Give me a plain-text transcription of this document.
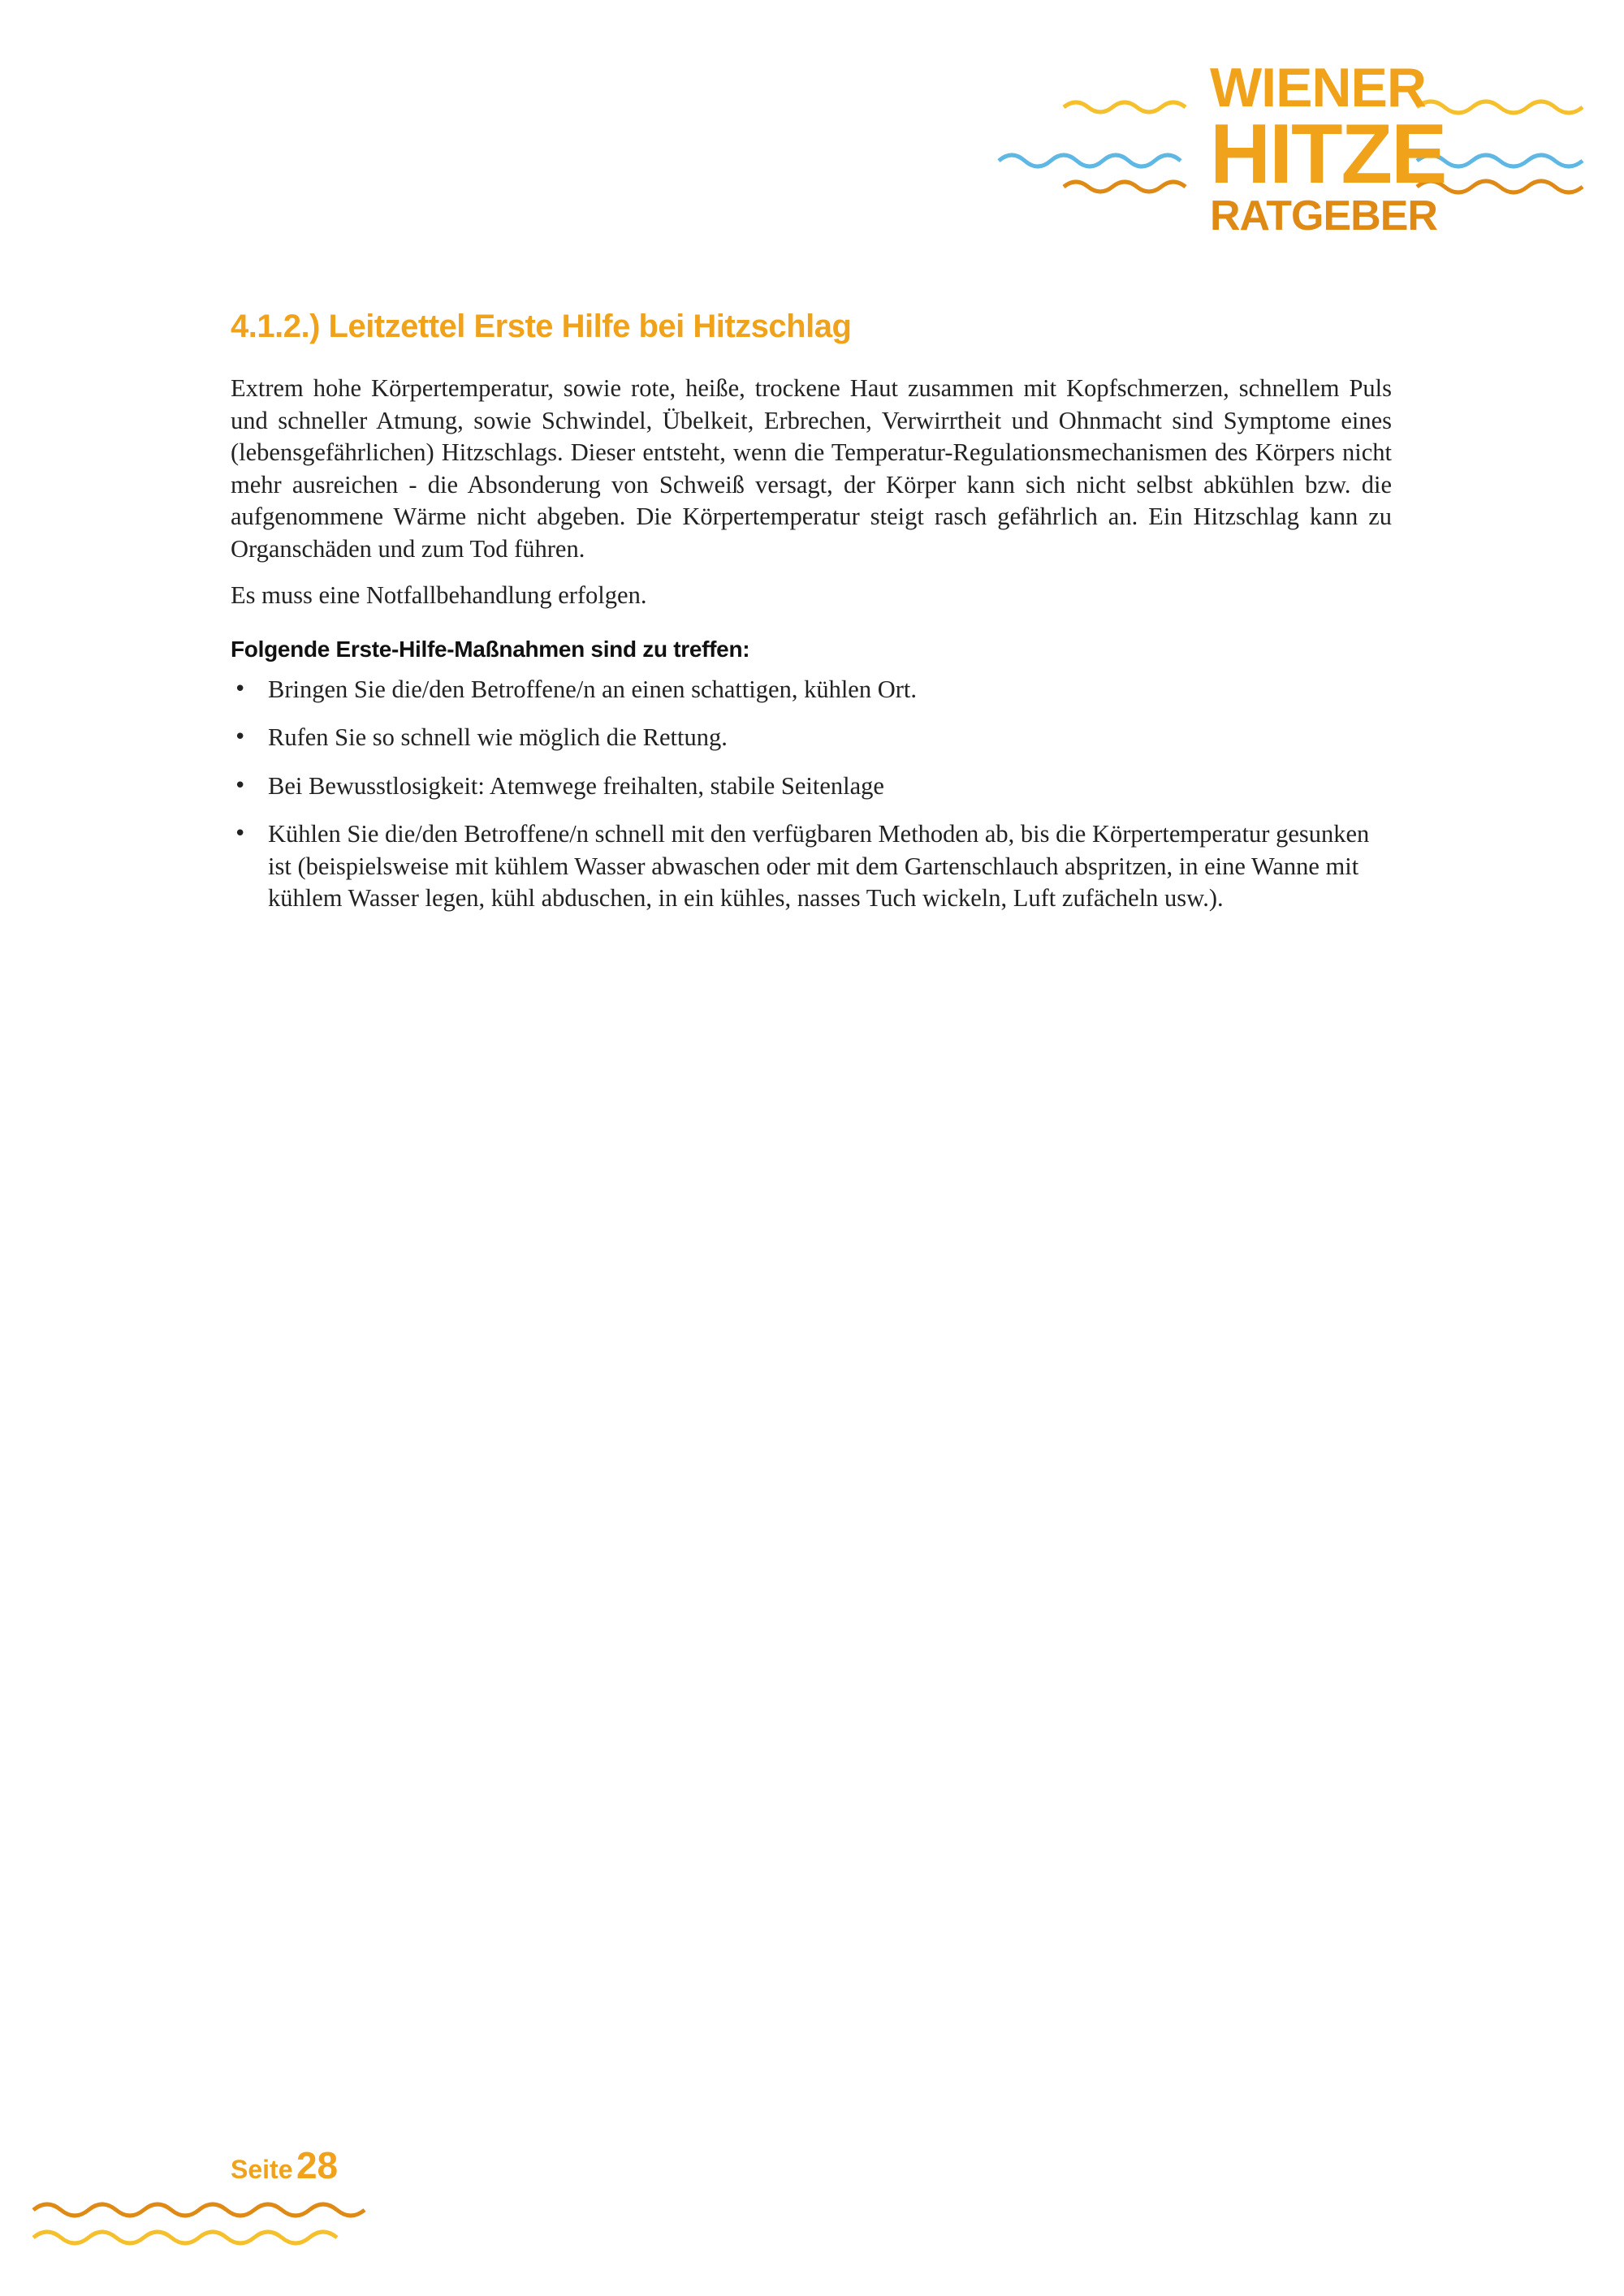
WIENER
HITZE
RATGEBER
4.1.2.) Leitzettel Erste Hilfe bei Hitzschlag

Extrem hohe Körpertemperatur, sowie rote, heiße, trockene Haut zusammen mit Kopfschmerzen, schnellem Puls und schneller Atmung, sowie Schwindel, Übelkeit, Erbrechen, Verwirrtheit und Ohnmacht sind Symptome eines (lebensgefährlichen) Hitzschlags. Dieser entsteht, wenn die Temperatur-Regulationsmechanismen des Körpers nicht mehr ausreichen - die Absonderung von Schweiß versagt, der Körper kann sich nicht selbst abkühlen bzw. die aufgenommene Wärme nicht abgeben. Die Körpertemperatur steigt rasch gefährlich an. Ein Hitzschlag kann zu Organschäden und zum Tod führen.

Es muss eine Notfallbehandlung erfolgen.

Folgende Erste-Hilfe-Maßnahmen sind zu treffen:
• Bringen Sie die/den Betroffene/n an einen schattigen, kühlen Ort.
• Rufen Sie so schnell wie möglich die Rettung.
• Bei Bewusstlosigkeit: Atemwege freihalten, stabile Seitenlage
• Kühlen Sie die/den Betroffene/n schnell mit den verfügbaren Methoden ab, bis die Körpertemperatur gesunken ist (beispielsweise mit kühlem Wasser abwaschen oder mit dem Gartenschlauch abspritzen, in eine Wanne mit kühlem Wasser legen, kühl abduschen, in ein kühles, nasses Tuch wickeln, Luft zufächeln usw.).
Seite 28
